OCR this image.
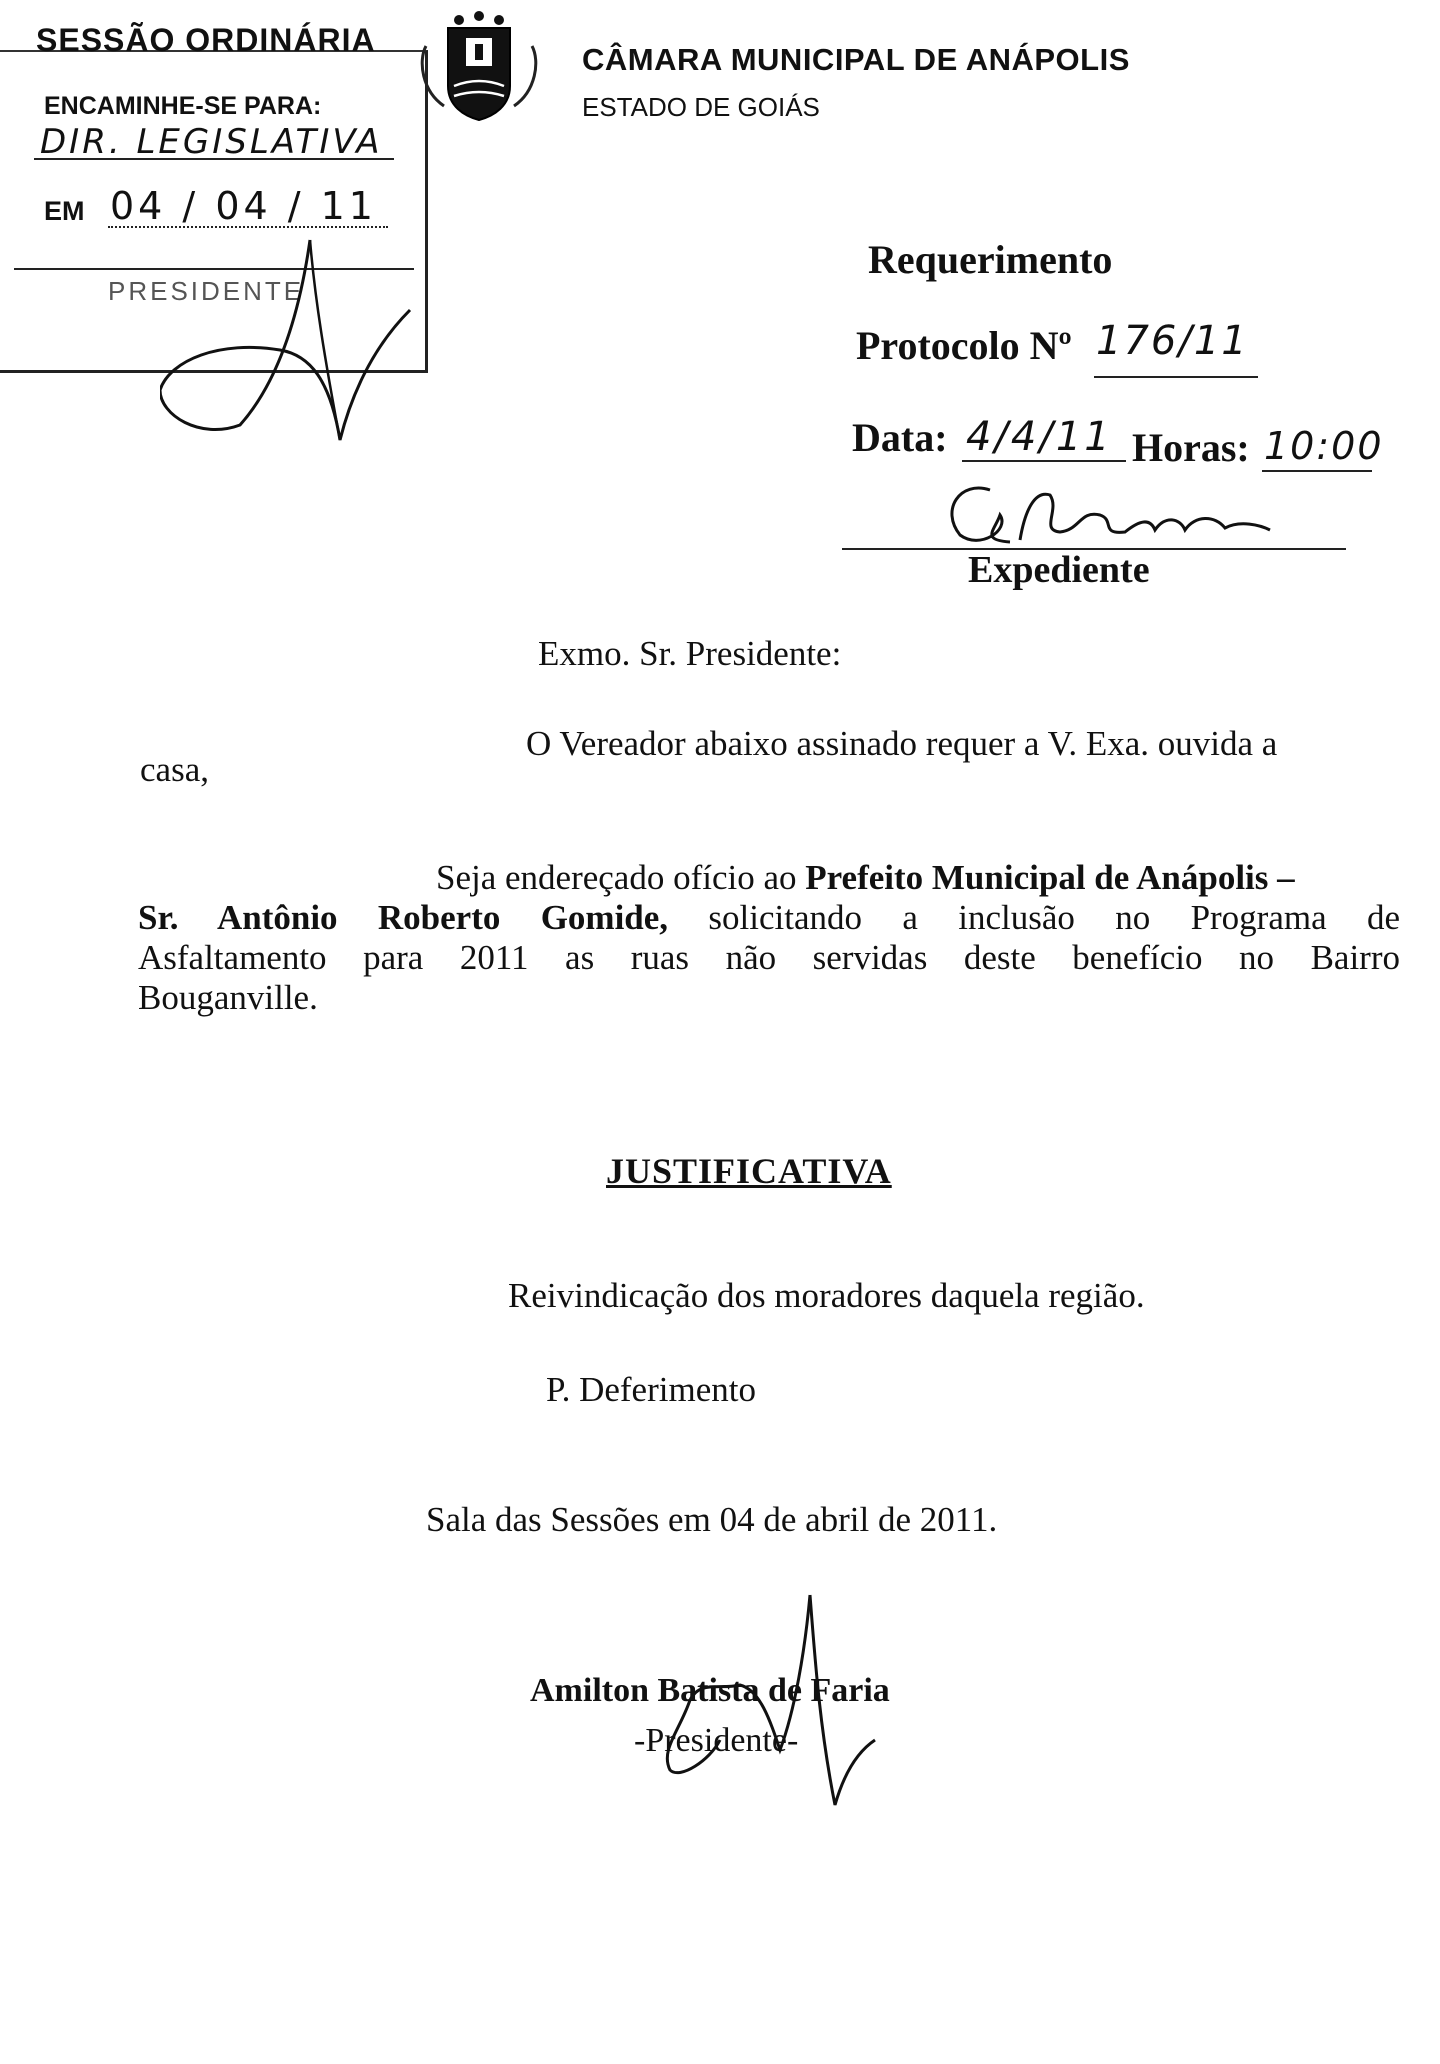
SESSÃO ORDINÁRIA
ENCAMINHE-SE PARA:
DIR. LEGISLATIVA
EM 04 / 04 / 11
PRESIDENTE
CÂMARA MUNICIPAL DE ANÁPOLIS
ESTADO DE GOIÁS
Requerimento
Protocolo Nº 176/11
Data: 4/4/11 Horas: 10:00
Expediente
Exmo. Sr. Presidente:
O Vereador abaixo assinado requer a V. Exa. ouvida a
casa,
Seja endereçado ofício ao Prefeito Municipal de Anápolis –
Sr. Antônio Roberto Gomide, solicitando a inclusão no Programa de
Asfaltamento para 2011 as ruas não servidas deste benefício no Bairro
Bouganville.
JUSTIFICATIVA
Reivindicação dos moradores daquela região.
P. Deferimento
Sala das Sessões em 04 de abril de 2011.
Amilton Batista de Faria
-Presidente-
